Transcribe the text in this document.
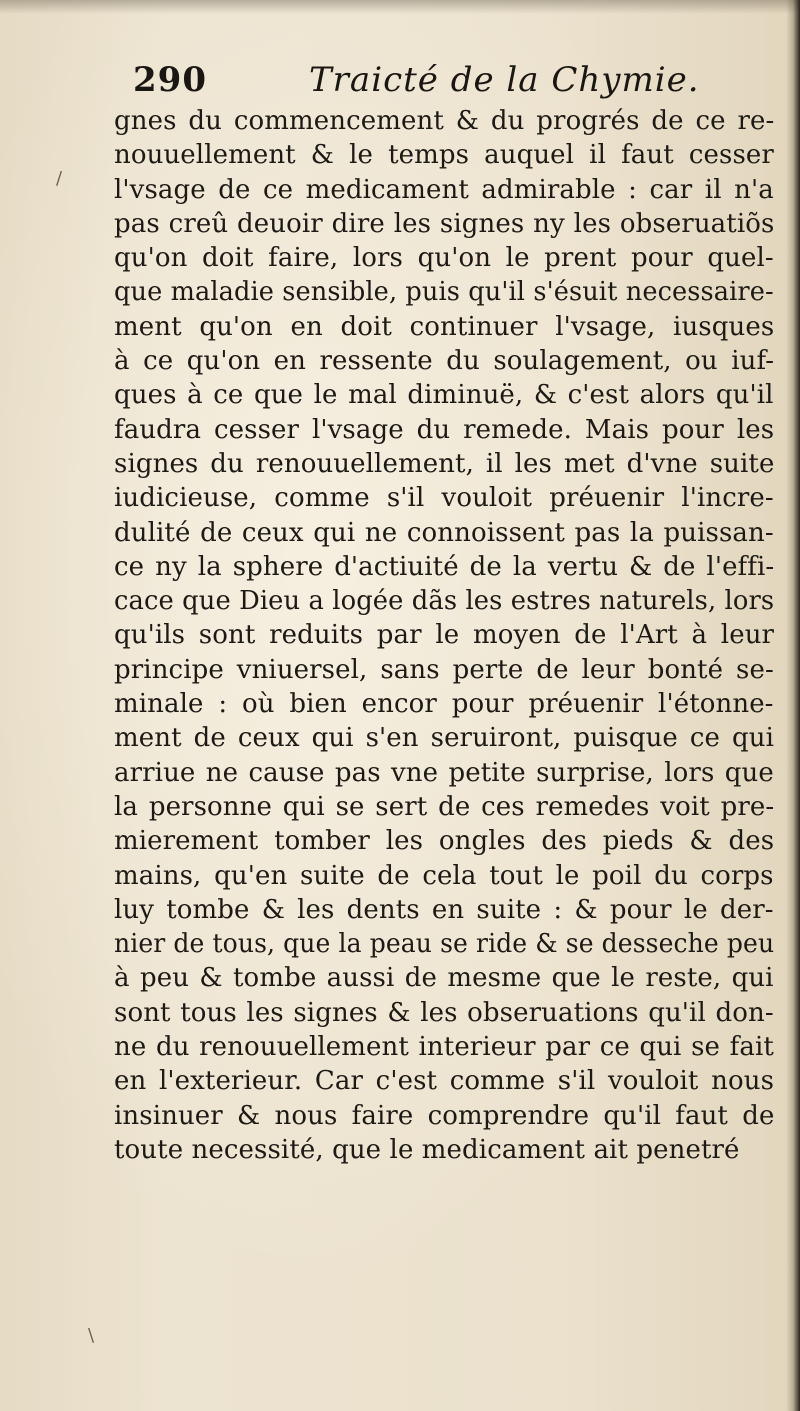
/
\
290	Traicté de la Chymie.
gnes du commencement & du progrés de ce re-
nouuellement & le temps auquel il faut cesser
l'vsage de ce medicament admirable : car il n'a
pas creû deuoir dire les signes ny les obseruatiõs
qu'on doit faire, lors qu'on le prent pour quel-
que maladie sensible, puis qu'il s'ésuit necessaire-
ment qu'on en doit continuer l'vsage, iusques
à ce qu'on en ressente du soulagement, ou iuf-
ques à ce que le mal diminuë, & c'est alors qu'il
faudra cesser l'vsage du remede. Mais pour les
signes du renouuellement, il les met d'vne suite
iudicieuse, comme s'il vouloit préuenir l'incre-
dulité de ceux qui ne connoissent pas la puissan-
ce ny la sphere d'actiuité de la vertu & de l'effi-
cace que Dieu a logée dãs les estres naturels, lors
qu'ils sont reduits par le moyen de l'Art à leur
principe vniuersel, sans perte de leur bonté se-
minale : où bien encor pour préuenir l'étonne-
ment de ceux qui s'en seruiront, puisque ce qui
arriue ne cause pas vne petite surprise, lors que
la personne qui se sert de ces remedes voit pre-
mierement tomber les ongles des pieds & des
mains, qu'en suite de cela tout le poil du corps
luy tombe & les dents en suite : & pour le der-
nier de tous, que la peau se ride & se desseche peu
à peu & tombe aussi de mesme que le reste, qui
sont tous les signes & les obseruations qu'il don-
ne du renouuellement interieur par ce qui se fait
en l'exterieur. Car c'est comme s'il vouloit nous
insinuer & nous faire comprendre qu'il faut de
toute necessité, que le medicament ait penetré
